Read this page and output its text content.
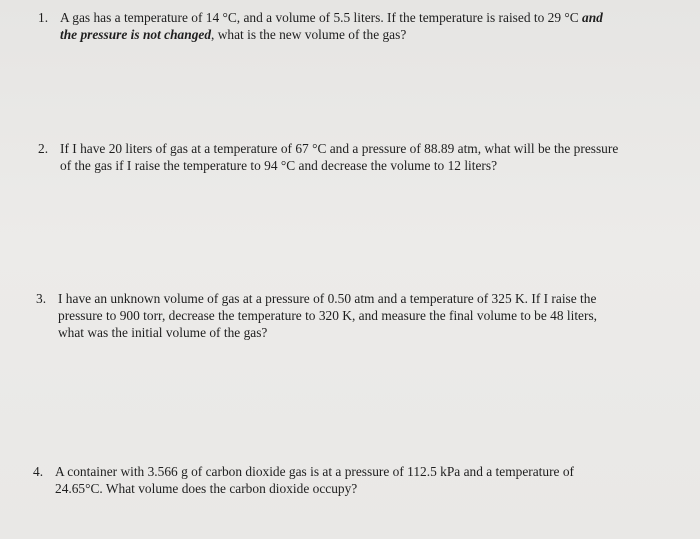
1. A gas has a temperature of 14 °C, and a volume of 5.5 liters. If the temperature is raised to 29 °C and
the pressure is not changed, what is the new volume of the gas?
2. If I have 20 liters of gas at a temperature of 67 °C and a pressure of 88.89 atm, what will be the pressure
of the gas if I raise the temperature to 94 °C and decrease the volume to 12 liters?
3. I have an unknown volume of gas at a pressure of 0.50 atm and a temperature of 325 K. If I raise the
pressure to 900 torr, decrease the temperature to 320 K, and measure the final volume to be 48 liters,
what was the initial volume of the gas?
4. A container with 3.566 g of carbon dioxide gas is at a pressure of 112.5 kPa and a temperature of
24.65°C. What volume does the carbon dioxide occupy?
